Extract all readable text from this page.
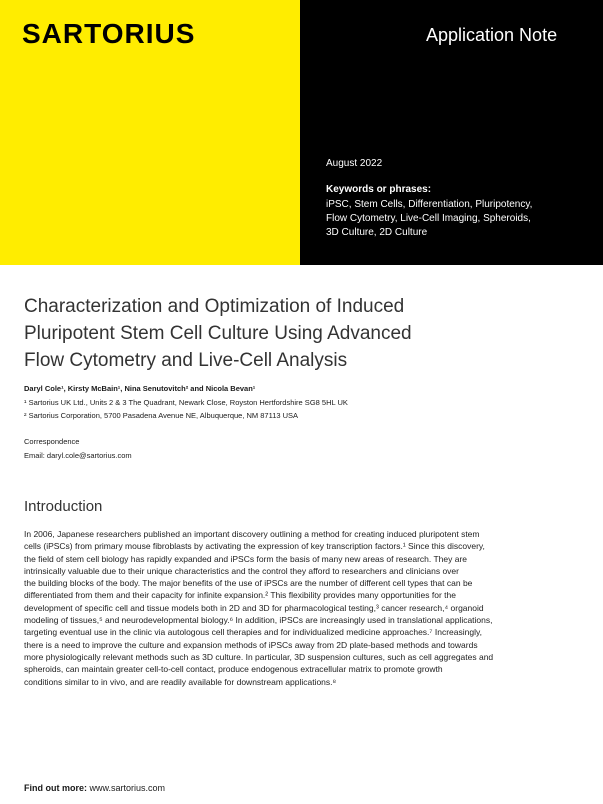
SARTORIUS	Application Note
August 2022
Keywords or phrases:
iPSC, Stem Cells, Differentiation, Pluripotency,
Flow Cytometry, Live-Cell Imaging, Spheroids,
3D Culture, 2D Culture
Characterization and Optimization of Induced
Pluripotent Stem Cell Culture Using Advanced
Flow Cytometry and Live-Cell Analysis
Daryl Cole¹, Kirsty McBain¹, Nina Senutovitch² and Nicola Bevan¹
¹ Sartorius UK Ltd., Units 2 & 3 The Quadrant, Newark Close, Royston Hertfordshire SG8 5HL UK
² Sartorius Corporation, 5700 Pasadena Avenue NE, Albuquerque, NM 87113 USA
Correspondence
Email: daryl.cole@sartorius.com
Introduction
In 2006, Japanese researchers published an important discovery outlining a method for creating induced pluripotent stem
cells (iPSCs) from primary mouse fibroblasts by activating the expression of key transcription factors.¹ Since this discovery,
the field of stem cell biology has rapidly expanded and iPSCs form the basis of many new areas of research. They are
intrinsically valuable due to their unique characteristics and the control they afford to researchers and clinicians over
the building blocks of the body. The major benefits of the use of iPSCs are the number of different cell types that can be
differentiated from them and their capacity for infinite expansion.² This flexibility provides many opportunities for the
development of specific cell and tissue models both in 2D and 3D for pharmacological testing,³ cancer research,⁴ organoid
modeling of tissues,⁵ and neurodevelopmental biology.⁶ In addition, iPSCs are increasingly used in translational applications,
targeting eventual use in the clinic via autologous cell therapies and for individualized medicine approaches.⁷ Increasingly,
there is a need to improve the culture and expansion methods of iPSCs away from 2D plate-based methods and towards
more physiologically relevant methods such as 3D culture. In particular, 3D suspension cultures, such as cell aggregates and
spheroids, can maintain greater cell-to-cell contact, produce endogenous extracellular matrix to promote growth
conditions similar to in vivo, and are readily available for downstream applications.⁸
Find out more: www.sartorius.com
